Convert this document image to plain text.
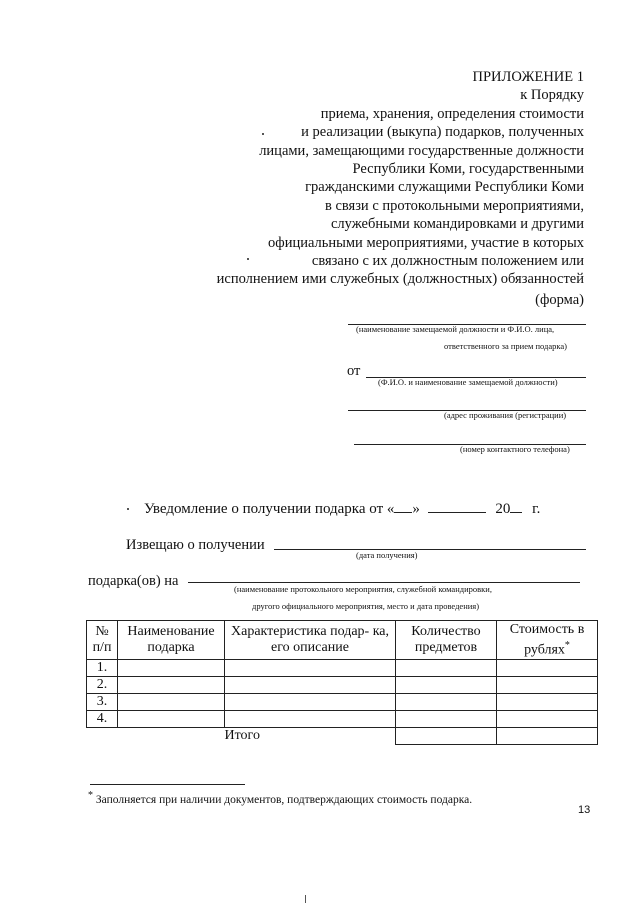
ПРИЛОЖЕНИЕ 1
к Порядку
приема, хранения, определения стоимости
и реализации (выкупа) подарков, полученных
лицами, замещающими государственные должности
Республики Коми, государственными
гражданскими служащими Республики Коми
в связи с протокольными мероприятиями,
служебными командировками и другими
официальными мероприятиями, участие в которых
связано с их должностным положением или
исполнением ими служебных (должностных) обязанностей
(форма)
(наименование замещаемой должности и Ф.И.О. лица,
ответственного за прием подарка)
от
(Ф.И.О. и наименование замещаемой должности)
(адрес проживания (регистрации)
(номер контактного телефона)
Уведомление о получении подарка от « »	20 г.
Извещаю о получении
(дата получения)
подарка(ов) на	(наименование протокольного мероприятия, служебной командировки,
другого официального мероприятия, место и дата проведения)
№ п/п	Наименование подарка	Характеристика подар- ка, его описание	Количество предметов	Стоимость в рублях*
1.				
2.				
3.				
4.				
		Итого		
* Заполняется при наличии документов, подтверждающих стоимость подарка.
13
